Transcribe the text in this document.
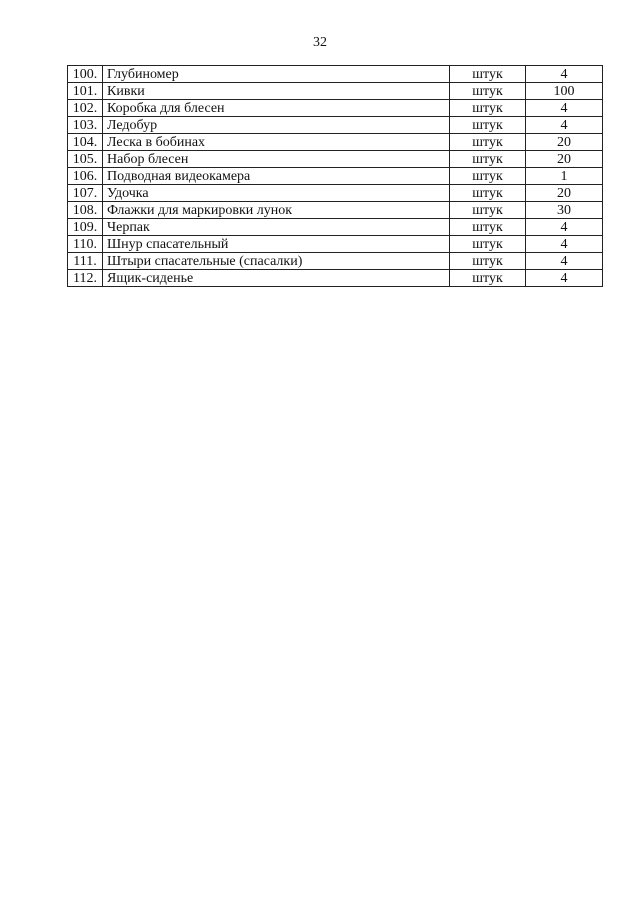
32
100.	Глубиномер	штук	4
101.	Кивки	штук	100
102.	Коробка для блесен	штук	4
103.	Ледобур	штук	4
104.	Леска в бобинах	штук	20
105.	Набор блесен	штук	20
106.	Подводная видеокамера	штук	1
107.	Удочка	штук	20
108.	Флажки для маркировки лунок	штук	30
109.	Черпак	штук	4
110.	Шнур спасательный	штук	4
111.	Штыри спасательные (спасалки)	штук	4
112.	Ящик-сиденье	штук	4
